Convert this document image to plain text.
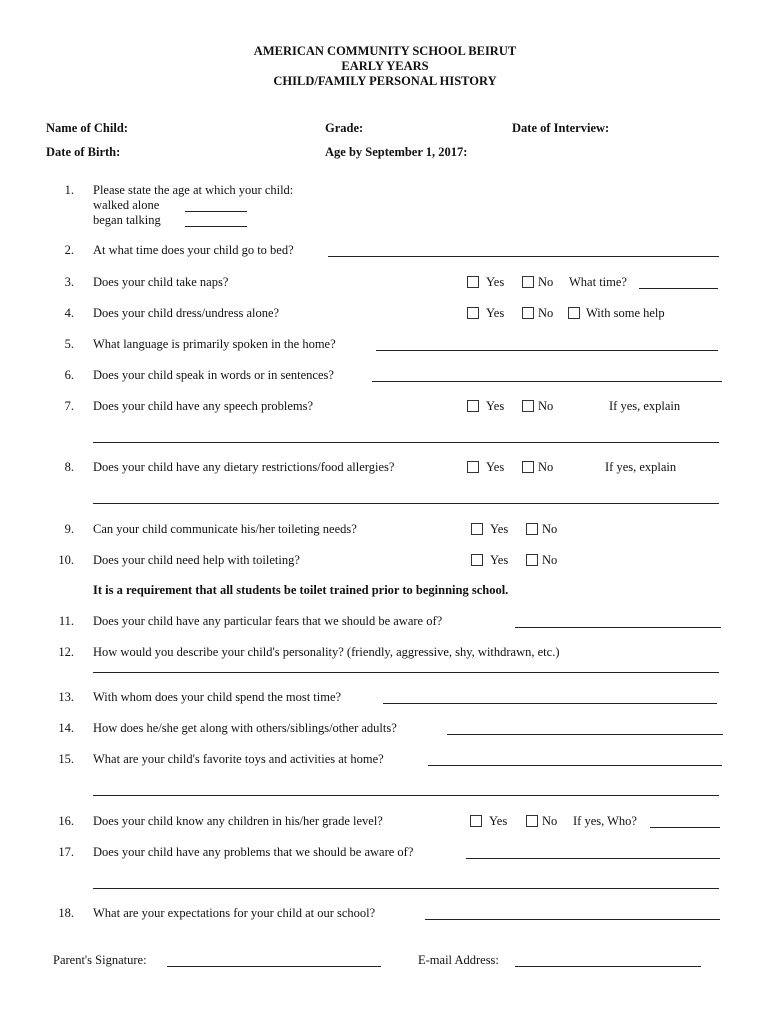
AMERICAN COMMUNITY SCHOOL BEIRUT
EARLY YEARS
CHILD/FAMILY PERSONAL HISTORY
Name of Child:	Grade:	Date of Interview:
Date of Birth:	Age by September 1, 2017:
1. Please state the age at which your child:
walked alone
began talking
2. At what time does your child go to bed?
3. Does your child take naps?	Yes	No What time?
4. Does your child dress/undress alone?	Yes	No	With some help
5. What language is primarily spoken in the home?
6. Does your child speak in words or in sentences?
7. Does your child have any speech problems?	Yes	No	If yes, explain
8. Does your child have any dietary restrictions/food allergies?	Yes	No	If yes, explain
9. Can your child communicate his/her toileting needs?	Yes	No
10. Does your child need help with toileting?	Yes	No
It is a requirement that all students be toilet trained prior to beginning school.
11. Does your child have any particular fears that we should be aware of?
12. How would you describe your child's personality? (friendly, aggressive, shy, withdrawn, etc.)
13. With whom does your child spend the most time?
14. How does he/she get along with others/siblings/other adults?
15. What are your child's favorite toys and activities at home?
16. Does your child know any children in his/her grade level?	Yes	No If yes, Who?
17. Does your child have any problems that we should be aware of?
18. What are your expectations for your child at our school?
Parent's Signature:	E-mail Address:
